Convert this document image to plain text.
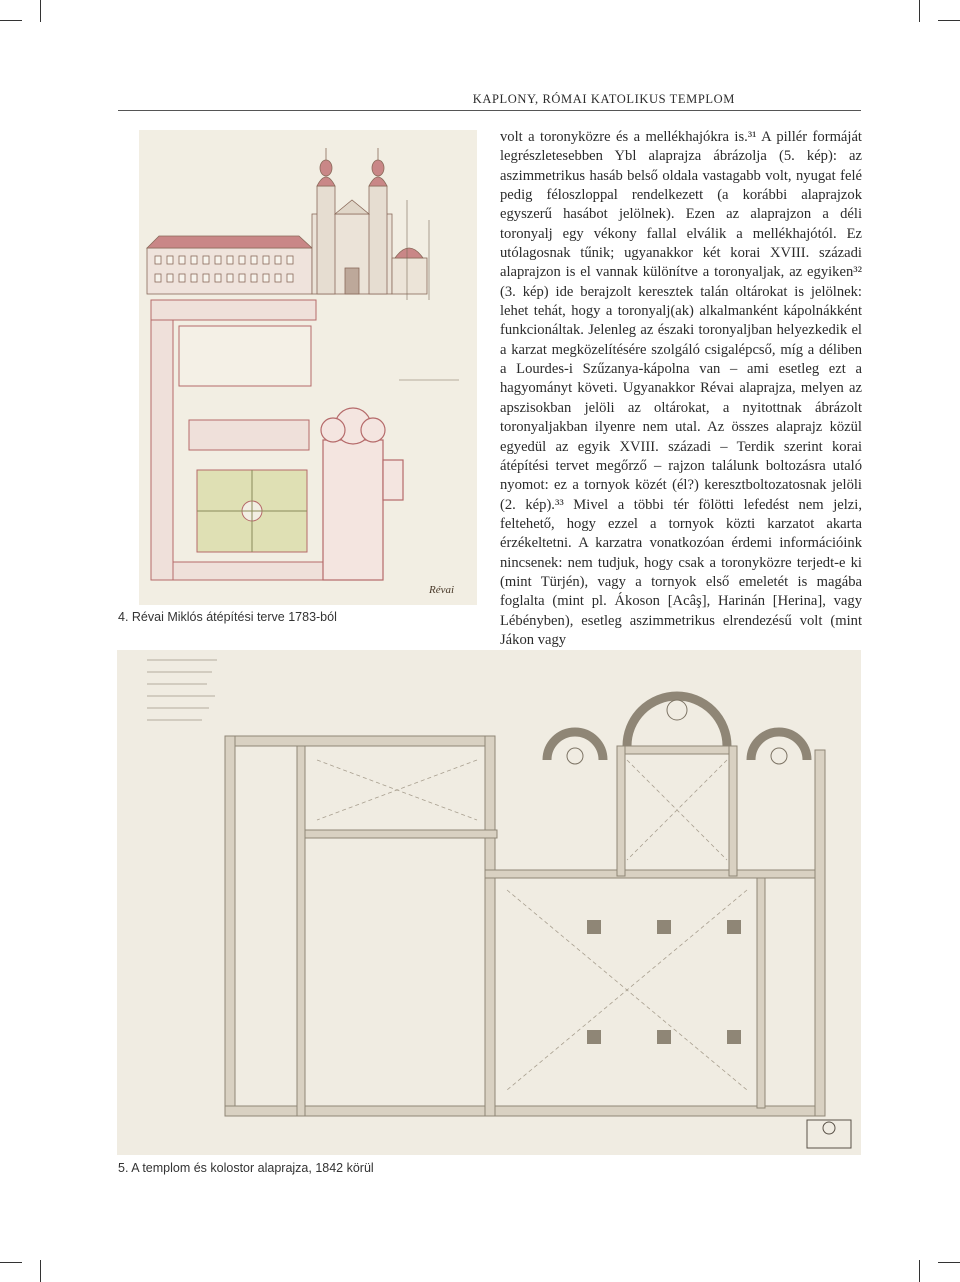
KAPLONY, RÓMAI KATOLIKUS TEMPLOM
Révai
4. Révai Miklós átépítési terve 1783-ból

volt a toronyközre és a mellékhajókra is.³¹ A pillér formáját legrészletesebben Ybl alaprajza ábrázolja (5. kép): az aszimmetrikus hasáb belső oldala vastagabb volt, nyugat felé pedig féloszloppal rendelkezett (a korábbi alaprajzok egyszerű hasábot jelölnek). Ezen az alaprajzon a déli toronyalj egy vékony fallal elválik a mellékhajótól. Ez utólagosnak tűnik; ugyanakkor két korai XVIII. századi alaprajzon is el vannak különítve a toronyaljak, az egyiken³² (3. kép) ide berajzolt keresztek talán oltárokat is jelölnek: lehet tehát, hogy a toronyalj(ak) alkalmanként kápolnákként funkcionáltak. Jelenleg az északi toronyaljban helyezkedik el a karzat megközelítésére szolgáló csigalépcső, míg a déliben a Lourdes-i Szűzanya-kápolna van – ami esetleg ezt a hagyományt követi. Ugyanakkor Révai alaprajza, melyen az apszisokban jelöli az oltárokat, a nyitottnak ábrázolt toronyaljakban ilyenre nem utal. Az összes alaprajz közül egyedül az egyik XVIII. századi – Terdik szerint korai átépítési tervet megőrző – rajzon találunk boltozásra utaló nyomot: ez a tornyok közét (él?) keresztboltozatosnak jelöli (2. kép).³³ Mivel a többi tér fölötti lefedést nem jelzi, feltehető, hogy ezzel a tornyok közti karzatot akarta érzékeltetni. A karzatra vonatkozóan érdemi információink nincsenek: nem tudjuk, hogy csak a toronyközre terjedt-e ki (mint Türjén), vagy a tornyok első emeletét is magába foglalta (mint pl. Ákoson [Acâş], Harinán [Herina], vagy Lébényben), esetleg aszimmetrikus elrendezésű volt (mint Jákon vagy

5. A templom és kolostor alaprajza, 1842 körül
